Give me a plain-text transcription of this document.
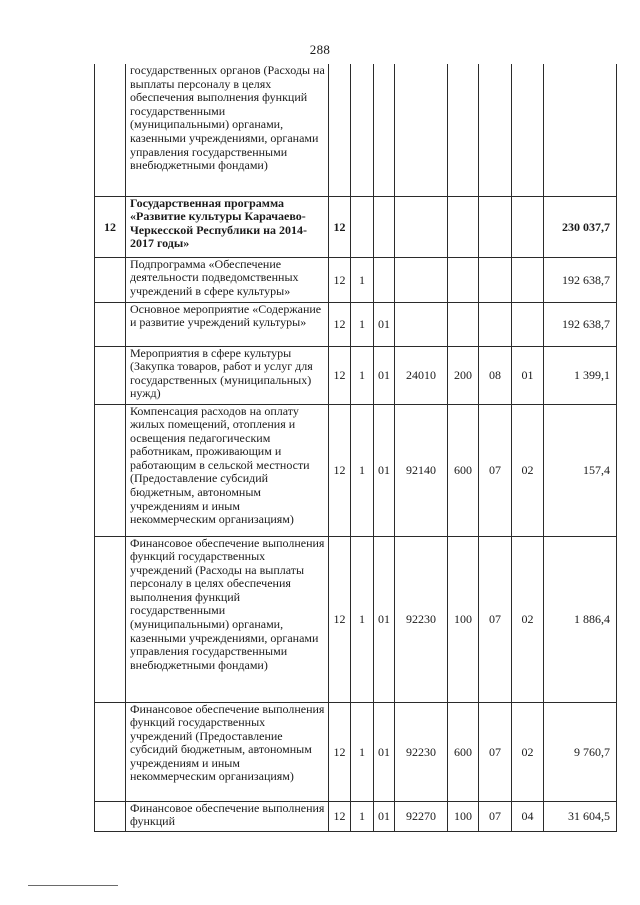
288
	государственных органов (Расходы на выплаты персоналу в целях обеспечения выполнения функций государственными (муниципальными) органами, казенными учреждениями, органами управления государственными внебюджетными фондами)								
12	Государственная программа «Развитие культуры Карачаево-Черкесской Республики на 2014-2017 годы»	12							230 037,7
	Подпрограмма «Обеспечение деятельности подведомственных учреждений в сфере культуры»	12	1						192 638,7
	Основное мероприятие «Содержание и развитие учреждений культуры»	12	1	01					192 638,7
	Мероприятия в сфере культуры (Закупка товаров, работ и услуг для государственных (муниципальных) нужд)	12	1	01	24010	200	08	01	1 399,1
	Компенсация расходов на оплату жилых помещений, отопления и освещения педагогическим работникам, проживающим и работающим в сельской местности (Предоставление субсидий бюджетным, автономным учреждениям и иным некоммерческим организациям)	12	1	01	92140	600	07	02	157,4
	Финансовое обеспечение выполнения функций государственных учреждений (Расходы на выплаты персоналу в целях обеспечения выполнения функций государственными (муниципальными) органами, казенными учреждениями, органами управления государственными внебюджетными фондами)	12	1	01	92230	100	07	02	1 886,4
	Финансовое обеспечение выполнения функций государственных учреждений (Предоставление субсидий бюджетным, автономным учреждениям и иным некоммерческим организациям)	12	1	01	92230	600	07	02	9 760,7
	Финансовое обеспечение выполнения функций	12	1	01	92270	100	07	04	31 604,5
